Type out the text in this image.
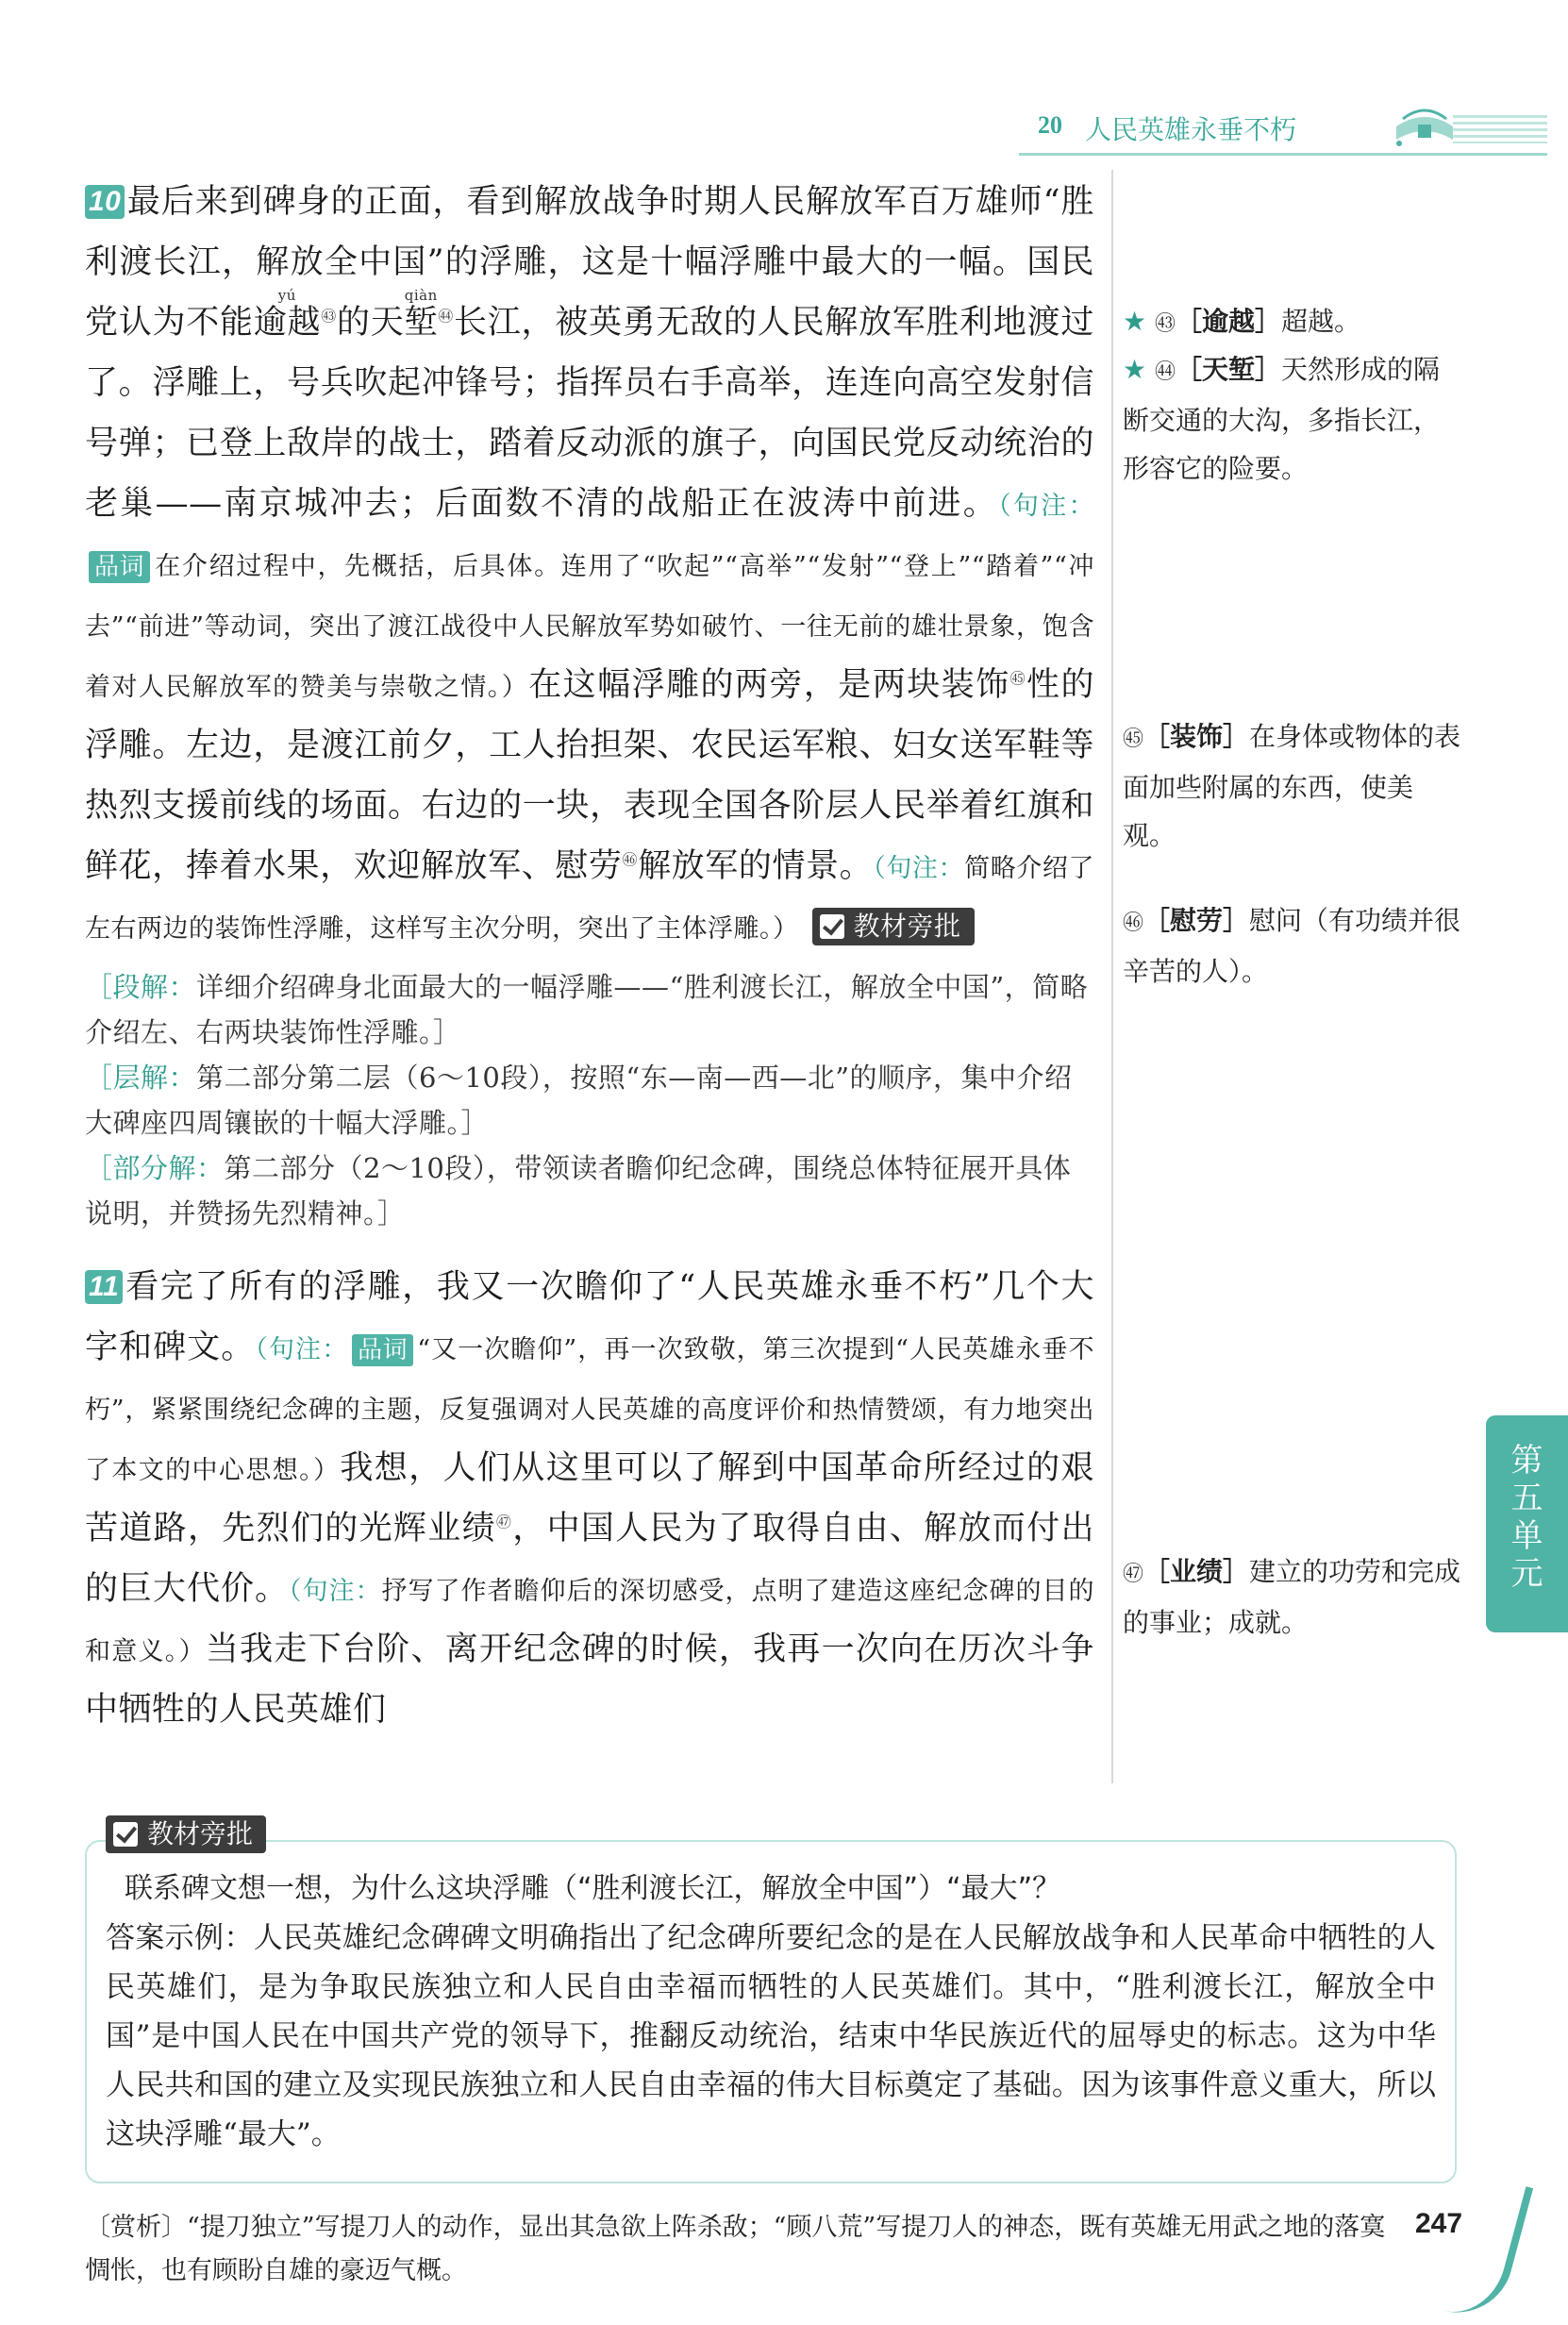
20 人民英雄永垂不朽

10 最后来到碑身的正面，看到解放战争时期人民解放军百万雄师“胜利渡长江，解放全中国”的浮雕，这是十幅浮雕中最大的一幅。国民党认为不能逾越$yú^㊸$的天堑qiàn$^㊹$长江，被英勇无敌的人民解放军胜利地渡过了。浮雕上，号兵吹起冲锋号；指挥员右手高举，连连向高空发射信号弹；已登上敌岸的战士，踏着反动派的旗子，向国民党反动统治的老巢——南京城冲去；后面数不清的战船正在波涛中前进。（句注：品词 在介绍过程中，先概括，后具体。连用了“吹起”“高举”“发射”“登上”“踏着”“冲去”“前进”等动词，突出了渡江战役中人民解放军势如破竹、一往无前的雄壮景象，饱含着对人民解放军的赞美与崇敬之情。）在这幅浮雕的两旁，是两块装饰$^㊺$性的浮雕。左边，是渡江前夕，工人抬担架、农民运军粮、妇女送军鞋等热烈支援前线的场面。右边的一块，表现全国各阶层人民举着红旗和鲜花，捧着水果，欢迎解放军、慰劳$^㊻$解放军的情景。（句注：简略介绍了左右两边的装饰性浮雕，这样写主次分明，突出了主体浮雕。） 教材旁批

［段解：详细介绍碑身北面最大的一幅浮雕——“胜利渡长江，解放全中国”，简略介绍左、右两块装饰性浮雕。］
［层解：第二部分第二层（6～10段），按照“东—南—西—北”的顺序，集中介绍大碑座四周镶嵌的十幅大浮雕。］
［部分解：第二部分（2～10段），带领读者瞻仰纪念碑，围绕总体特征展开具体说明，并赞扬先烈精神。］

11 看完了所有的浮雕，我又一次瞻仰了“人民英雄永垂不朽”几个大字和碑文。（句注： 品词 “又一次瞻仰”，再一次致敬，第三次提到“人民英雄永垂不朽”，紧紧围绕纪念碑的主题，反复强调对人民英雄的高度评价和热情赞颂，有力地突出了本文的中心思想。）我想，人们从这里可以了解到中国革命所经过的艰苦道路，先烈们的光辉业绩$^㊼$，中国人民为了取得自由、解放而付出的巨大代价。（句注：抒写了作者瞻仰后的深切感受，点明了建造这座纪念碑的目的和意义。）当我走下台阶、离开纪念碑的时候，我再一次向在历次斗争中牺牲的人民英雄们

★ ㊸［逾越］超越。
★ ㊹［天堑］天然形成的隔断交通的大沟，多指长江，形容它的险要。
㊺［装饰］在身体或物体的表面加些附属的东西，使美观。
㊻［慰劳］慰问（有功绩并很辛苦的人）。
㊼［业绩］建立的功劳和完成的事业；成就。
第五单元
教材旁批
联系碑文想一想，为什么这块浮雕（“胜利渡长江，解放全中国”）“最大”？
答案示例：人民英雄纪念碑碑文明确指出了纪念碑所要纪念的是在人民解放战争和人民革命中牺牲的人民英雄们，是为争取民族独立和人民自由幸福而牺牲的人民英雄们。其中，“胜利渡长江，解放全中国”是中国人民在中国共产党的领导下，推翻反动统治，结束中华民族近代的屈辱史的标志。这为中华人民共和国的建立及实现民族独立和人民自由幸福的伟大目标奠定了基础。因为该事件意义重大，所以这块浮雕“最大”。
〔赏析〕“提刀独立”写提刀人的动作，显出其急欲上阵杀敌；“顾八荒”写提刀人的神态，既有英雄无用武之地的落寞惆怅，也有顾盼自雄的豪迈气概。
247
